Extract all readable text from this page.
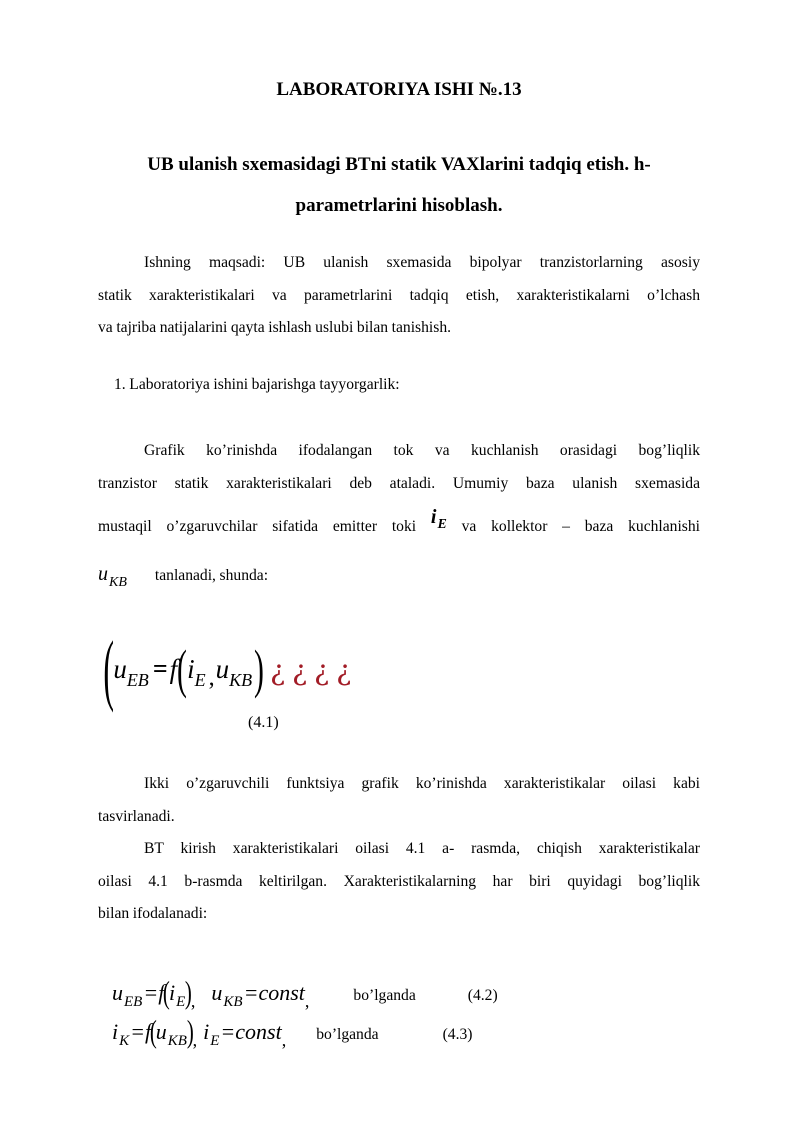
LABORATORIYA ISHI №.13
UB ulanish sxemasidagi BTni statik VAXlarini tadqiq etish. h-
parametrlarini hisoblash.
Ishning maqsadi: UB ulanish sxemasida bipolyar tranzistorlarning asosiy
statik xarakteristikalari va parametrlarini tadqiq etish, xarakteristikalarni o’lchash
va tajriba natijalarini qayta ishlash uslubi bilan tanishish.
1. Laboratoriya ishini bajarishga tayyorgarlik:
Grafik ko’rinishda ifodalangan tok va kuchlanish orasidagi bog’liqlik
tranzistor statik xarakteristikalari deb ataladi. Umumiy baza ulanish sxemasida
mustaqil o’zgaruvchilar sifatida emitter toki $i_E$ va kollektor – baza kuchlanishi
$u_{KB}$ tanlanadi, shunda:
( u EB = f ( i E , u KB ) ¿¿¿¿
(4.1)
Ikki o’zgaruvchili funktsiya grafik ko’rinishda xarakteristikalar oilasi kabi
tasvirlanadi.
BT kirish xarakteristikalari oilasi 4.1 a- rasmda, chiqish xarakteristikalar
oilasi 4.1 b-rasmda keltirilgan. Xarakteristikalarning har biri quyidagi bog’liqlik
bilan ifodalanadi:
uEB=f(iE), uKB=const,	bo’lganda	(4.2)
iK=f(uKB), iE=const, bo’lganda	(4.3)
